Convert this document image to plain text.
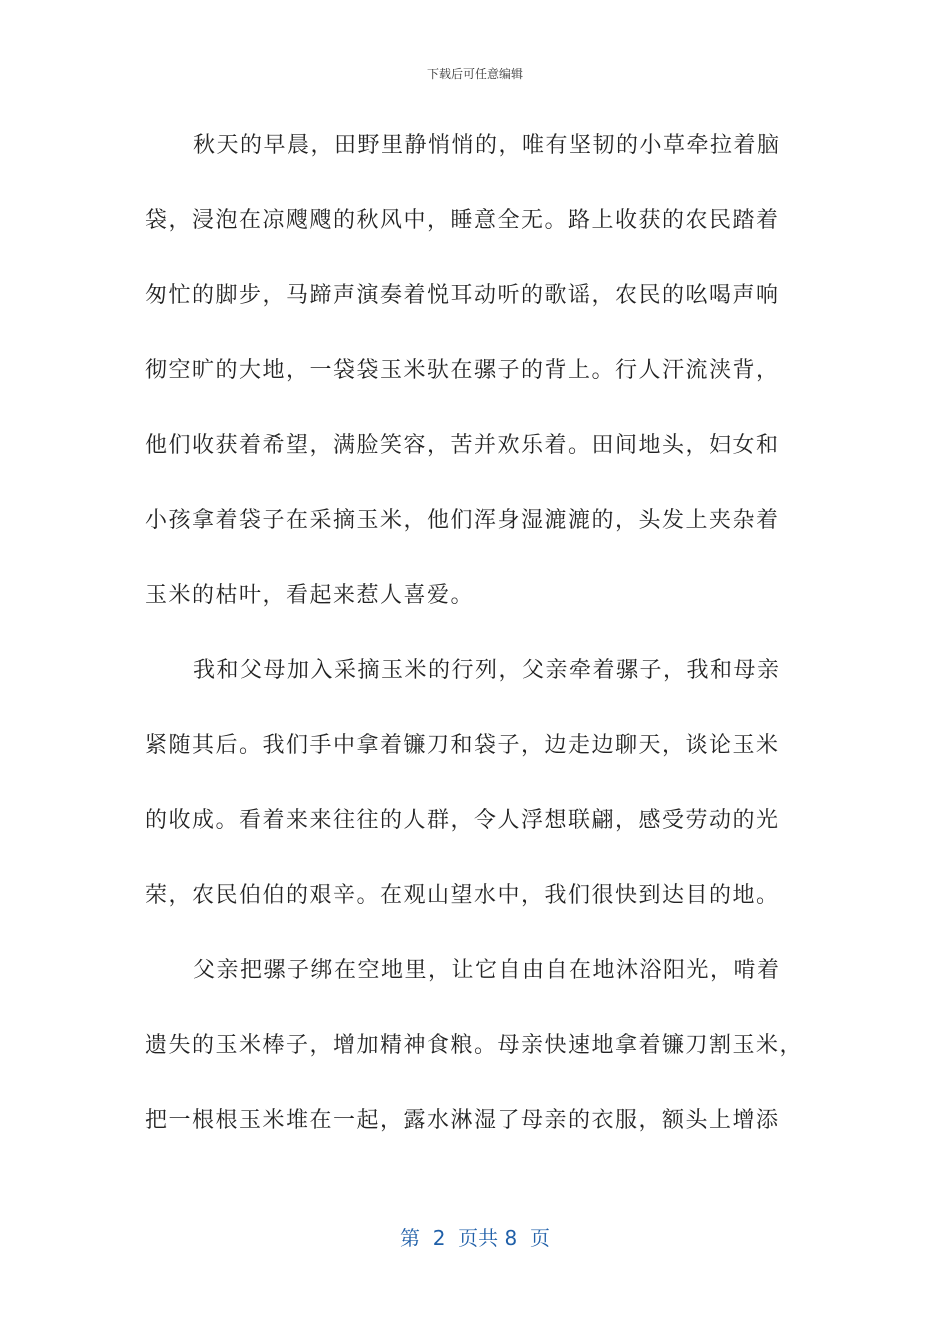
下载后可任意编辑
秋天的早晨，田野里静悄悄的，唯有坚韧的小草牵拉着脑
袋，浸泡在凉飕飕的秋风中，睡意全无。路上收获的农民踏着
匆忙的脚步，马蹄声演奏着悦耳动听的歌谣，农民的吆喝声响
彻空旷的大地，一袋袋玉米驮在骡子的背上。行人汗流浃背，
他们收获着希望，满脸笑容，苦并欢乐着。田间地头，妇女和
小孩拿着袋子在采摘玉米，他们浑身湿漉漉的，头发上夹杂着
玉米的枯叶，看起来惹人喜爱。
我和父母加入采摘玉米的行列，父亲牵着骡子，我和母亲
紧随其后。我们手中拿着镰刀和袋子，边走边聊天，谈论玉米
的收成。看着来来往往的人群，令人浮想联翩，感受劳动的光
荣，农民伯伯的艰辛。在观山望水中，我们很快到达目的地。
父亲把骡子绑在空地里，让它自由自在地沐浴阳光，啃着
遗失的玉米棒子，增加精神食粮。母亲快速地拿着镰刀割玉米，
把一根根玉米堆在一起，露水淋湿了母亲的衣服，额头上增添
第  2  页共 8  页
